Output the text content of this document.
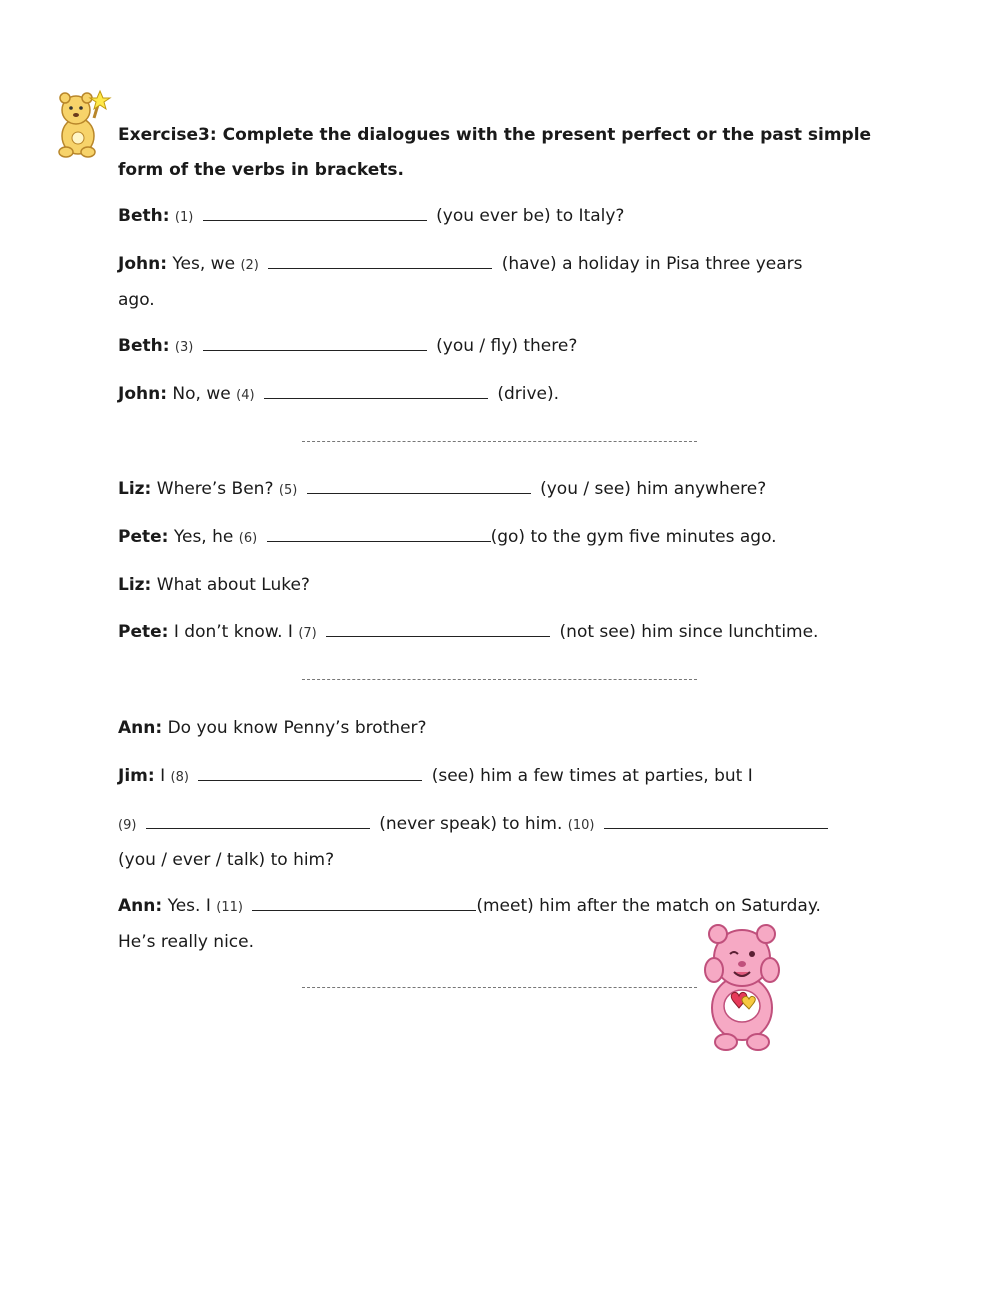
Exercise3: Complete the dialogues with the present perfect or the past simple
form of the verbs in brackets.
Beth: (1)	(you ever be) to Italy?
John: Yes, we (2)	(have) a holiday in Pisa three years
ago.
Beth: (3)	(you / fly) there?
John: No, we (4)	(drive).
Liz: Where’s Ben? (5)	(you / see) him anywhere?
Pete: Yes, he (6)	(go) to the gym five minutes ago.
Liz: What about Luke?
Pete: I don’t know. I (7)	(not see) him since lunchtime.
Ann: Do you know Penny’s brother?
Jim: I (8)	(see) him a few times at parties, but I
(9)	(never speak) to him. (10)
(you / ever / talk) to him?
Ann: Yes. I (11)	(meet) him after the match on Saturday.
He’s really nice.
